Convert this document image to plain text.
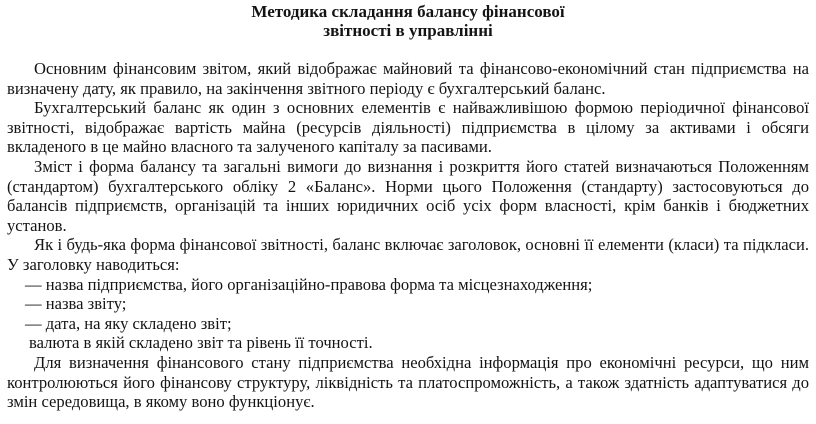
Методика складання балансу фінансової
звітності в управлінні

Основним фінансовим звітом, який відображає майновий та фінансово-економічний стан підприємства на визначену дату, як правило, на закінчення звітного періоду є бухгалтерський баланс.

Бухгалтерський баланс як один з основних елементів є найважливішою формою періодичної фінансової звітності, відображає вартість майна (ресурсів діяльності) підприємства в цілому за активами і обсяги вкладеного в це майно власного та залученого капіталу за пасивами.

Зміст і форма балансу та загальні вимоги до визнання і розкриття його статей визначаються Положенням (стандартом) бухгалтерського обліку 2 «Баланс». Норми цього Положення (стандарту) застосовуються до балансів підприємств, організацій та інших юридичних осіб усіх форм власності, крім банків і бюджетних установ.

Як і будь-яка форма фінансової звітності, баланс включає заголовок, основні її елементи (класи) та підкласи. У заголовку наводиться:

— назва підприємства, його організаційно-правова форма та місцезнаходження;
— назва звіту;
— дата, на яку складено звіт;
валюта в якій складено звіт та рівень її точності.

Для визначення фінансового стану підприємства необхідна інформація про економічні ресурси, що ним контролюються його фінансову структуру, ліквідність та платоспроможність, а також здатність адаптуватися до змін середовища, в якому воно функціонує.
